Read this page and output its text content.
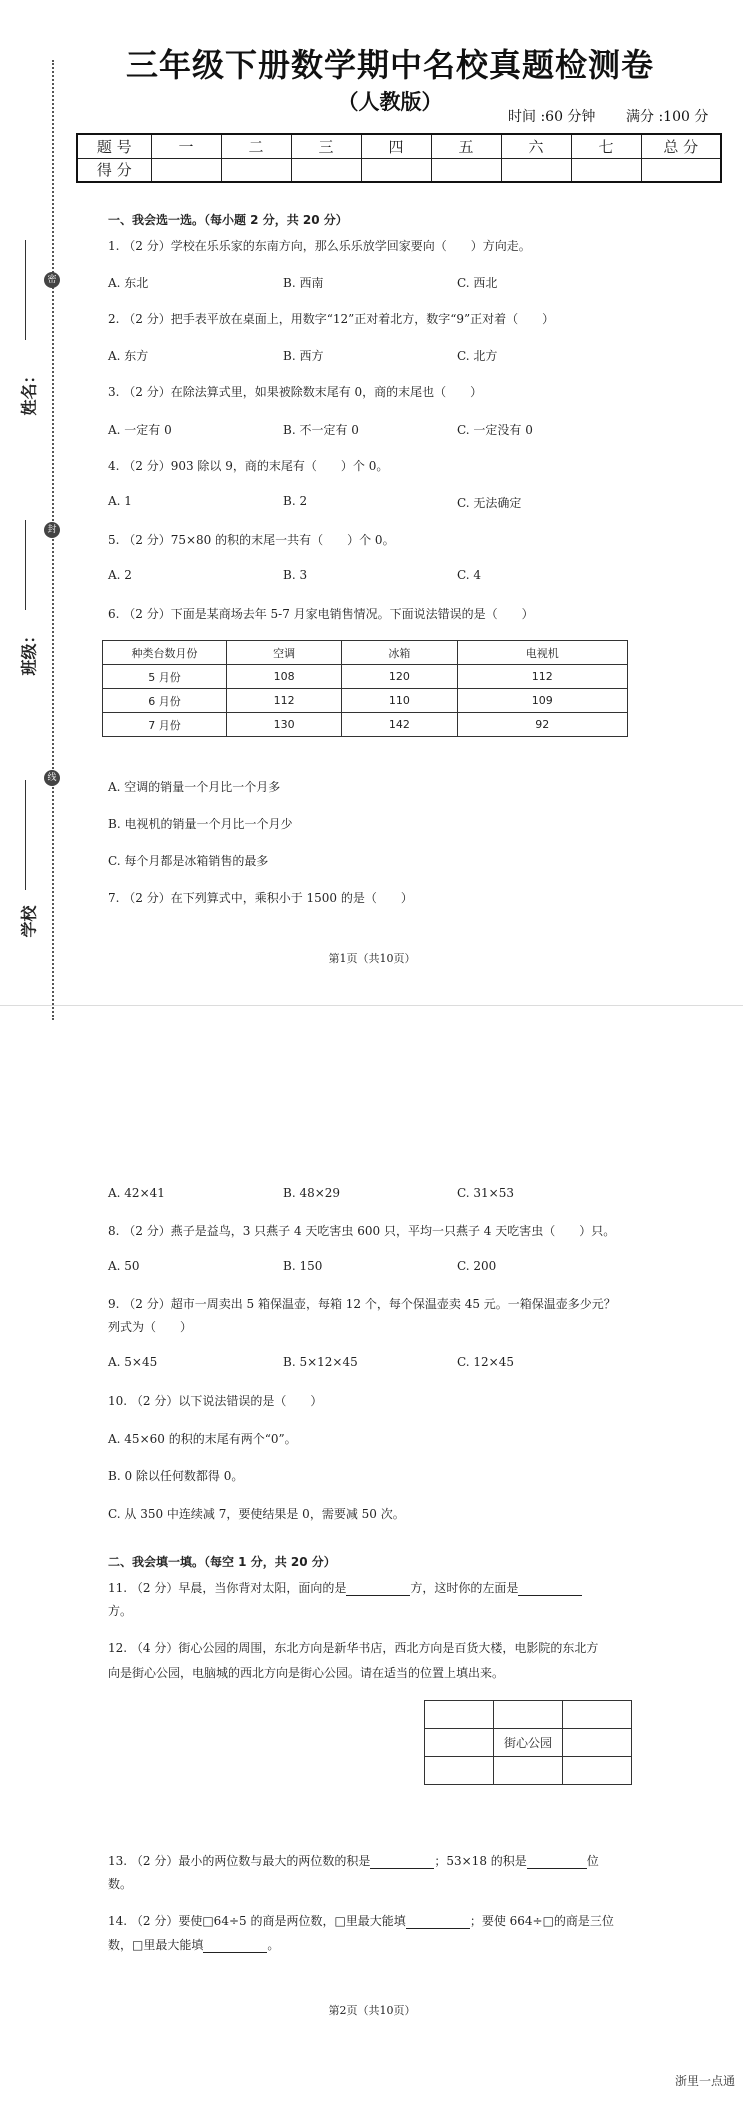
密
封
线
姓名：
班级：
学校
三年级下册数学期中名校真题检测卷
（人教版）
时间 :60 分钟 满分 :100 分
题 号	一	二	三	四	五	六	七	总 分
得 分								
一、我会选一选。（每小题 2 分，共 20 分）
1. （2 分）学校在乐乐家的东南方向，那么乐乐放学回家要向（　　）方向走。
A. 东北	B. 西南	C. 西北
2. （2 分）把手表平放在桌面上，用数字“12”正对着北方，数字“9”正对着（　　）
A. 东方	B. 西方	C. 北方
3. （2 分）在除法算式里，如果被除数末尾有 0，商的末尾也（　　）
A. 一定有 0	B. 不一定有 0	C. 一定没有 0
4. （2 分）903 除以 9，商的末尾有（　　）个 0。
A. 1	B. 2	C. 无法确定
5. （2 分）75×80 的积的末尾一共有（　　）个 0。
A. 2	B. 3	C. 4
6. （2 分）下面是某商场去年 5-7 月家电销售情况。下面说法错误的是（　　）
种类台数月份	空调	冰箱	电视机
5 月份	108	120	112
6 月份	112	110	109
7 月份	130	142	92
A. 空调的销量一个月比一个月多
B. 电视机的销量一个月比一个月少
C. 每个月都是冰箱销售的最多
7. （2 分）在下列算式中，乘积小于 1500 的是（　　）
第1页（共10页）
A. 42×41	B. 48×29	C. 31×53
8. （2 分）燕子是益鸟，3 只燕子 4 天吃害虫 600 只，平均一只燕子 4 天吃害虫（　　）只。
A. 50	B. 150	C. 200
9. （2 分）超市一周卖出 5 箱保温壶，每箱 12 个，每个保温壶卖 45 元。一箱保温壶多少元？
列式为（　　）
A. 5×45	B. 5×12×45	C. 12×45
10. （2 分）以下说法错误的是（　　）
A. 45×60 的积的末尾有两个“0”。
B. 0 除以任何数都得 0。
C. 从 350 中连续减 7，要使结果是 0，需要减 50 次。
二、我会填一填。（每空 1 分，共 20 分）
11. （2 分）早晨，当你背对太阳，面向的是	方，这时你的左面是
方。
12. （4 分）街心公园的周围，东北方向是新华书店，西北方向是百货大楼，电影院的东北方
向是街心公园，电脑城的西北方向是街心公园。请在适当的位置上填出来。

	街心公园	

13. （2 分）最小的两位数与最大的两位数的积是	；53×18 的积是	位
数。
14. （2 分）要使□64÷5 的商是两位数，□里最大能填	；要使 664÷□的商是三位
数，□里最大能填	。
第2页（共10页）
浙里一点通
